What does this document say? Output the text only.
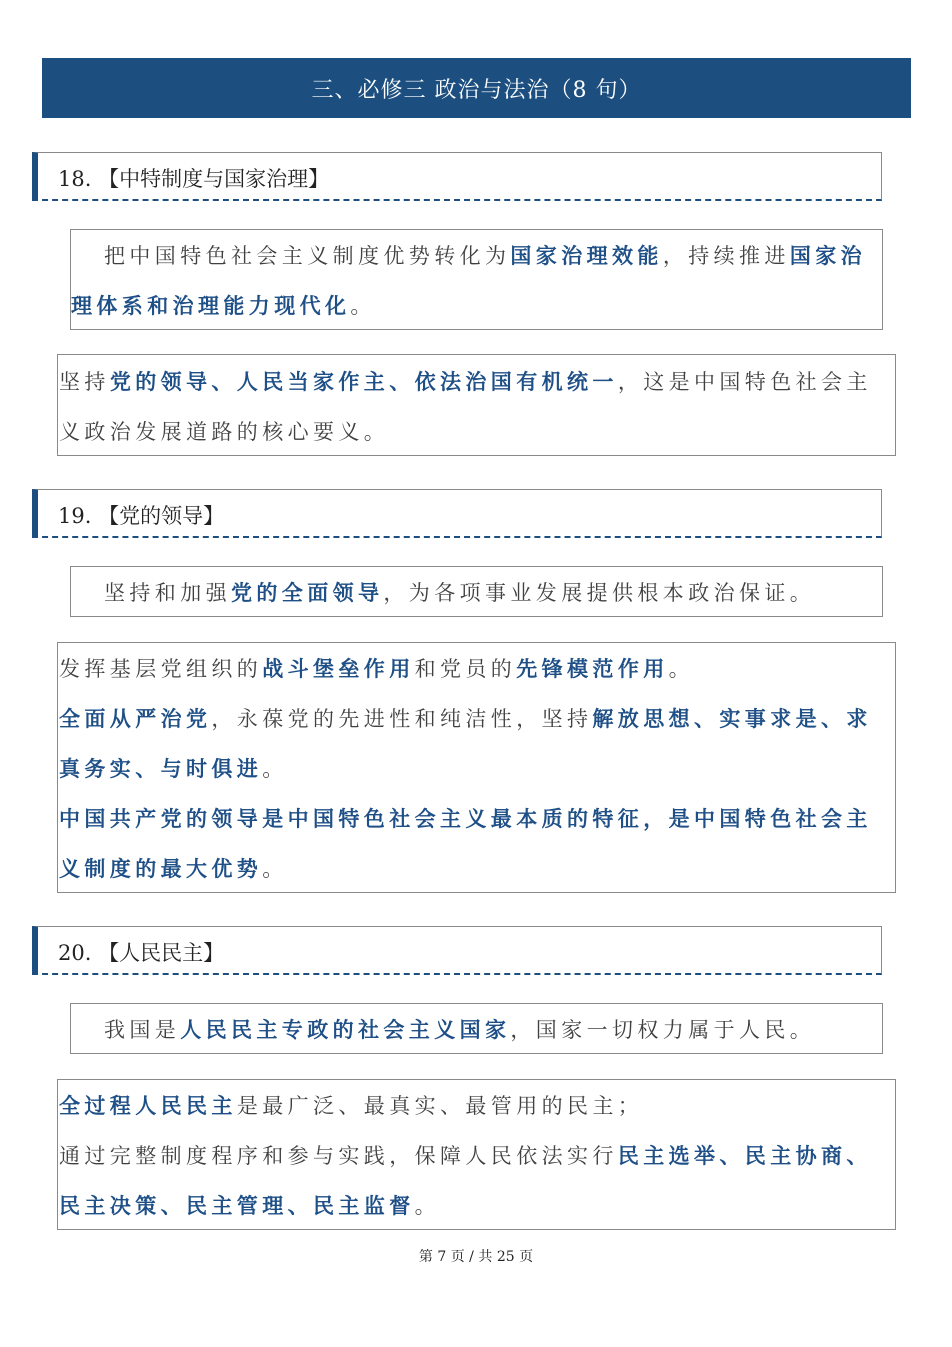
三、必修三 政治与法治（8 句）
18. 【中特制度与国家治理】
把中国特色社会主义制度优势转化为国家治理效能，持续推进国家治
理体系和治理能力现代化。
坚持党的领导、人民当家作主、依法治国有机统一，这是中国特色社会主
义政治发展道路的核心要义。
19. 【党的领导】
坚持和加强党的全面领导，为各项事业发展提供根本政治保证。
发挥基层党组织的战斗堡垒作用和党员的先锋模范作用。
全面从严治党，永葆党的先进性和纯洁性，坚持解放思想、实事求是、求
真务实、与时俱进。
中国共产党的领导是中国特色社会主义最本质的特征，是中国特色社会主
义制度的最大优势。
20. 【人民民主】
我国是人民民主专政的社会主义国家，国家一切权力属于人民。
全过程人民民主是最广泛、最真实、最管用的民主；
通过完整制度程序和参与实践，保障人民依法实行民主选举、民主协商、
民主决策、民主管理、民主监督。
第 7 页 / 共 25 页
